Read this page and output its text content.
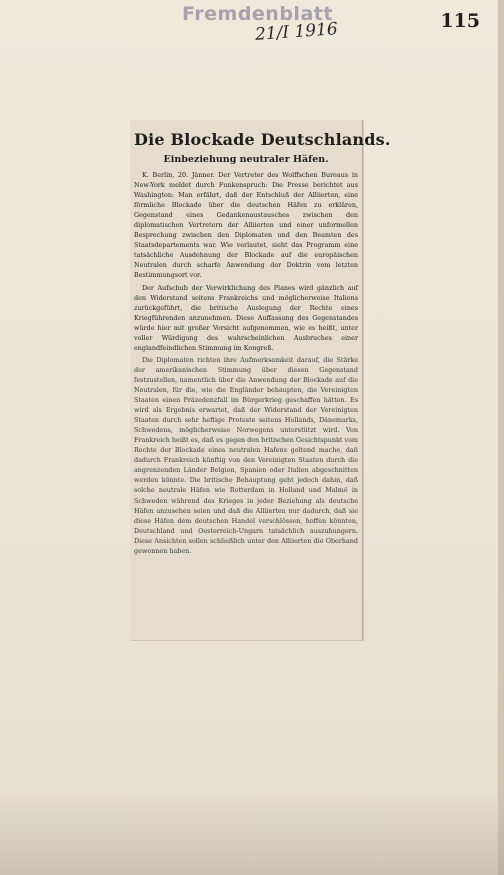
Fremdenblatt
21/I 1916	115
Die Blockade Deutschlands.
Einbeziehung neutraler Häfen.

K. Berlin, 20. Jänner. Der Vertreter des Wolffschen Bureaus in New-York meldet durch Funkenspruch: Die Presse berichtet aus Washington: Man erfährt, daß der Entschluß der Alliierten, eine förmliche Blockade über die deutschen Häfen zu erklären, Gegenstand eines Gedankenaustausches zwischen den diplomatischen Vertretern der Alliierten und einer unformellen Besprechung zwischen den Diplomaten und den Beamten des Staatsdepartements war. Wie verlautet, sieht das Programm eine tatsächliche Ausdehnung der Blockade auf die europäischen Neutralen durch scharfe Anwendung der Doktrin vom letzten Bestimmungsort vor.

Der Aufschub der Verwirklichung des Planes wird gänzlich auf den Widerstand seitens Frankreichs und möglicherweise Italiens zurückgeführt, die britische Auslegung der Rechte eines Kriegführenden anzunehmen. Diese Auffassung des Gegenstandes würde hier mit großer Vorsicht aufgenommen, wie es heißt, unter voller Würdigung des wahrscheinlichen Ausbruches einer englandfeindlichen Stimmung im Kongreß.

Die Diplomaten richten ihre Aufmerksamkeit darauf, die Stärke der amerikanischen Stimmung über diesen Gegenstand festzustellen, namentlich über die Anwendung der Blockade auf die Neutralen, für die, wie die Engländer behaupten, die Vereinigten Staaten einen Präzedenzfall im Bürgerkrieg geschaffen hätten. Es wird als Ergebnis erwartet, daß der Widerstand der Vereinigten Staaten durch sehr heftige Proteste seitens Hollands, Dänemarks, Schwedens, möglicherweise Norwegens unterstützt wird. Von Frankreich heißt es, daß es gegen den britischen Gesichtspunkt vom Rechte der Blockade eines neutralen Hafens geltend mache, daß dadurch Frankreich künftig von den Vereinigten Staaten durch die angrenzenden Länder Belgien, Spanien oder Italien abgeschnitten werden könnte. Die britische Behauptung geht jedoch dahin, daß solche neutrale Häfen wie Rotterdam in Holland und Malmö in Schweden während des Krieges in jeder Beziehung als deutsche Häfen anzusehen seien und daß die Alliierten nur dadurch, daß sie diese Häfen dem deutschen Handel verschlössen, hoffen könnten, Deutschland und Oesterreich-Ungarn tatsächlich auszuhungern. Diese Ansichten sollen schließlich unter den Alliierten die Oberhand gewonnen haben.
